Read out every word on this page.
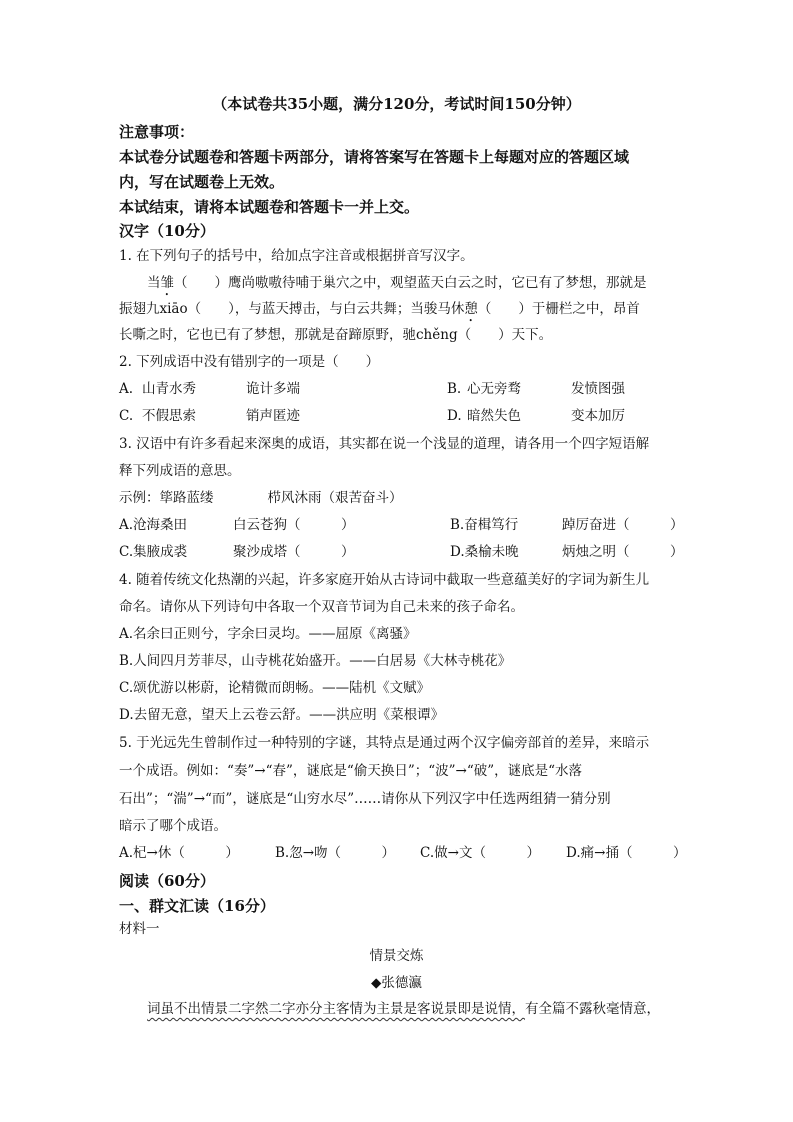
（本试卷共35小题，满分120分，考试时间150分钟）
注意事项：
本试卷分试题卷和答题卡两部分，请将答案写在答题卡上每题对应的答题区域
内，写在试题卷上无效。
本试结束，请将本试题卷和答题卡一并上交。
汉字（10分）
1. 在下列句子的括号中，给加点字注音或根据拼音写汉字。
当雏（　　）鹰尚嗷嗷待哺于巢穴之中，观望蓝天白云之时，它已有了梦想，那就是
振翅九xiāo（　　），与蓝天搏击，与白云共舞；当骏马休憩（　　）于栅栏之中，昂首
长嘶之时，它也已有了梦想，那就是奋蹄原野，驰chěng（　　）天下。
2. 下列成语中没有错别字的一项是（　　）
A. 山青水秀	诡计多端	B. 心无旁骛	发愤图强
C. 不假思索	销声匿迹	D. 暗然失色	变本加厉
3. 汉语中有许多看起来深奥的成语，其实都在说一个浅显的道理，请各用一个四字短语解
释下列成语的意思。
示例：筚路蓝缕　　　　栉风沐雨（艰苦奋斗）
A.沧海桑田	白云苍狗（　　　）	B.奋楫笃行	踔厉奋进（　　　）
C.集腋成裘	聚沙成塔（　　　）	D.桑榆未晚	炳烛之明（　　　）
4. 随着传统文化热潮的兴起，许多家庭开始从古诗词中截取一些意蕴美好的字词为新生儿
命名。请你从下列诗句中各取一个双音节词为自己未来的孩子命名。
A.名余曰正则兮，字余曰灵均。——屈原《离骚》
B.人间四月芳菲尽，山寺桃花始盛开。——白居易《大林寺桃花》
C.颂优游以彬蔚，论精微而朗畅。——陆机《文赋》
D.去留无意，望天上云卷云舒。——洪应明《菜根谭》
5. 于光远先生曾制作过一种特别的字谜，其特点是通过两个汉字偏旁部首的差异，来暗示
一个成语。例如：“奏”→“春”，谜底是“偷天换日”；“波”→“破”，谜底是“水落
石出”；“湍”→“而”，谜底是“山穷水尽”……请你从下列汉字中任选两组猜一猜分别
暗示了哪个成语。
A.杞→休（　　　）	B.忽→吻（　　　） C.做→文（　　　） D.痛→捅（　　　）
阅读（60分）
一、群文汇读（16分）
材料一
情景交炼
◆张德瀛
词虽不出情景二字然二字亦分主客情为主景是客说景即是说情，有全篇不露秋毫情意，
